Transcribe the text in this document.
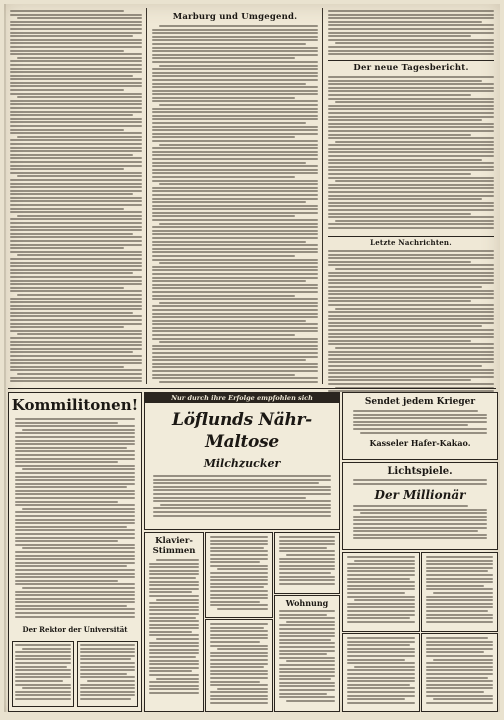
Marburg und Umgegend.
Der neue Tagesbericht.
Letzte Nachrichten.
Kommilitonen!
Der Rektor der Universität
Nur durch ihre Erfolge empfohlen sich
Löflunds Nähr-Maltose
Milchzucker
Sendet jedem Krieger
Kasseler Hafer-Kakao.
Lichtspiele.
Der Millionär
Klavier-Stimmen
Wohnung
